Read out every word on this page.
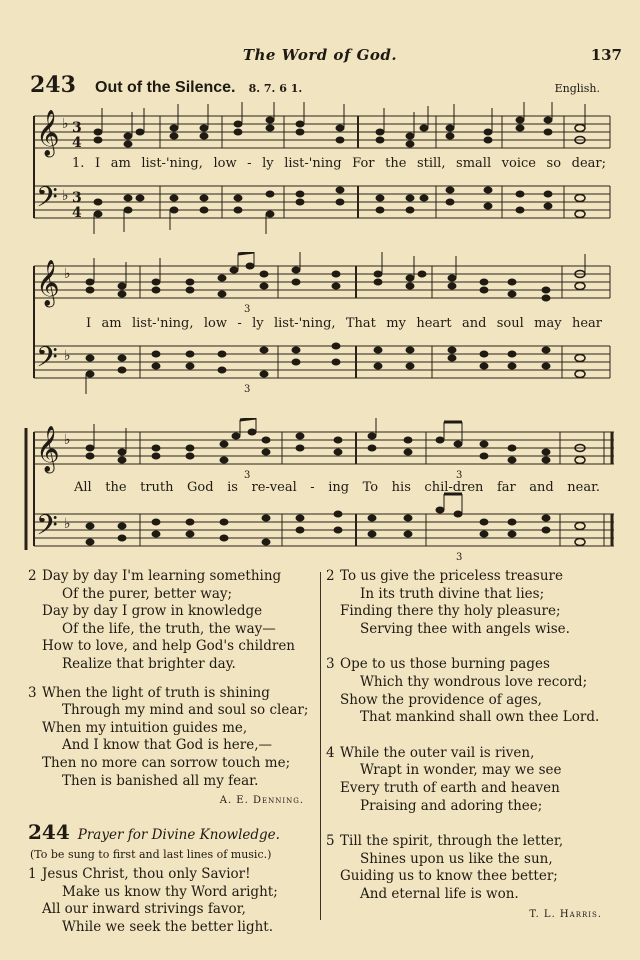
The Word of God.	137
243 Out of the Silence. 8. 7. 6 1.	English.
𝄞
𝄢
♭
♭
3
4
3
4
1. I am list-'ning, low - ly list-'ning For the still, small voice so dear;
𝄞
𝄢
♭
♭
3
3
I am list-'ning, low - ly list-'ning, That my heart and soul may hear
𝄞
𝄢
♭
♭
3	3
3
All the truth God is re-veal - ing To his chil-dren far and near.
2 Day by day I'm learning something
Of the purer, better way;
Day by day I grow in knowledge
Of the life, the truth, the way—
How to love, and help God's children
Realize that brighter day.
3 When the light of truth is shining
Through my mind and soul so clear;
When my intuition guides me,
And I know that God is here,—
Then no more can sorrow touch me;
Then is banished all my fear.
A. E. Denning.
244 Prayer for Divine Knowledge.
(To be sung to first and last lines of music.)
1 Jesus Christ, thou only Savior!
Make us know thy Word aright;
All our inward strivings favor,
While we seek the better light.
2 To us give the priceless treasure
In its truth divine that lies;
Finding there thy holy pleasure;
Serving thee with angels wise.
3 Ope to us those burning pages
Which thy wondrous love record;
Show the providence of ages,
That mankind shall own thee Lord.
4 While the outer vail is riven,
Wrapt in wonder, may we see
Every truth of earth and heaven
Praising and adoring thee;
5 Till the spirit, through the letter,
Shines upon us like the sun,
Guiding us to know thee better;
And eternal life is won.
T. L. Harris.
